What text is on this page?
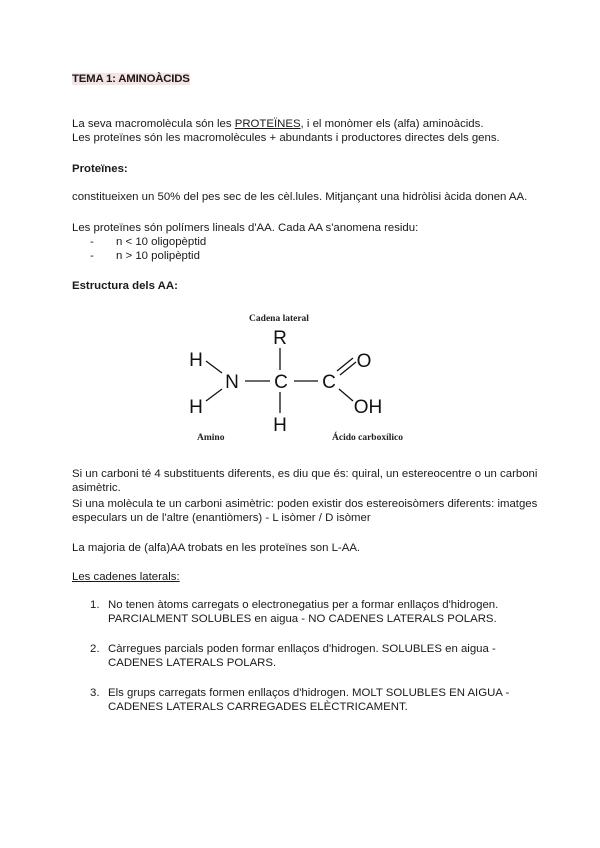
TEMA 1: AMINOÀCIDS
La seva macromolècula són les PROTEÏNES, i el monòmer els (alfa) aminoàcids.
Les proteïnes són les macromolècules + abundants i productores directes dels gens.
Proteïnes:
constitueixen un 50% del pes sec de les cèl.lules. Mitjançant una hidròlisi àcida donen AA.
Les proteïnes són polímers lineals d'AA. Cada AA s'anomena residu:
- n < 10 oligopèptid
- n > 10 polipèptid
Estructura dels AA:
Cadena lateral
Amino	Ácido carboxílico
R
N C C
O
OH
H
H
H
Si un carboni té 4 substituents diferents, es diu que és: quiral, un estereocentre o un carboni
asimètric.
Si una molècula te un carboni asimètric: poden existir dos estereoisòmers diferents: imatges
especulars un de l'altre (enantiòmers) - L isòmer / D isòmer
La majoria de (alfa)AA trobats en les proteïnes son L-AA.
Les cadenes laterals:
1. No tenen àtoms carregats o electronegatius per a formar enllaços d'hidrogen.
PARCIALMENT SOLUBLES en aigua - NO CADENES LATERALS POLARS.
2. Càrregues parcials poden formar enllaços d'hidrogen. SOLUBLES en aigua -
CADENES LATERALS POLARS.
3. Els grups carregats formen enllaços d'hidrogen. MOLT SOLUBLES EN AIGUA -
CADENES LATERALS CARREGADES ELÈCTRICAMENT.
